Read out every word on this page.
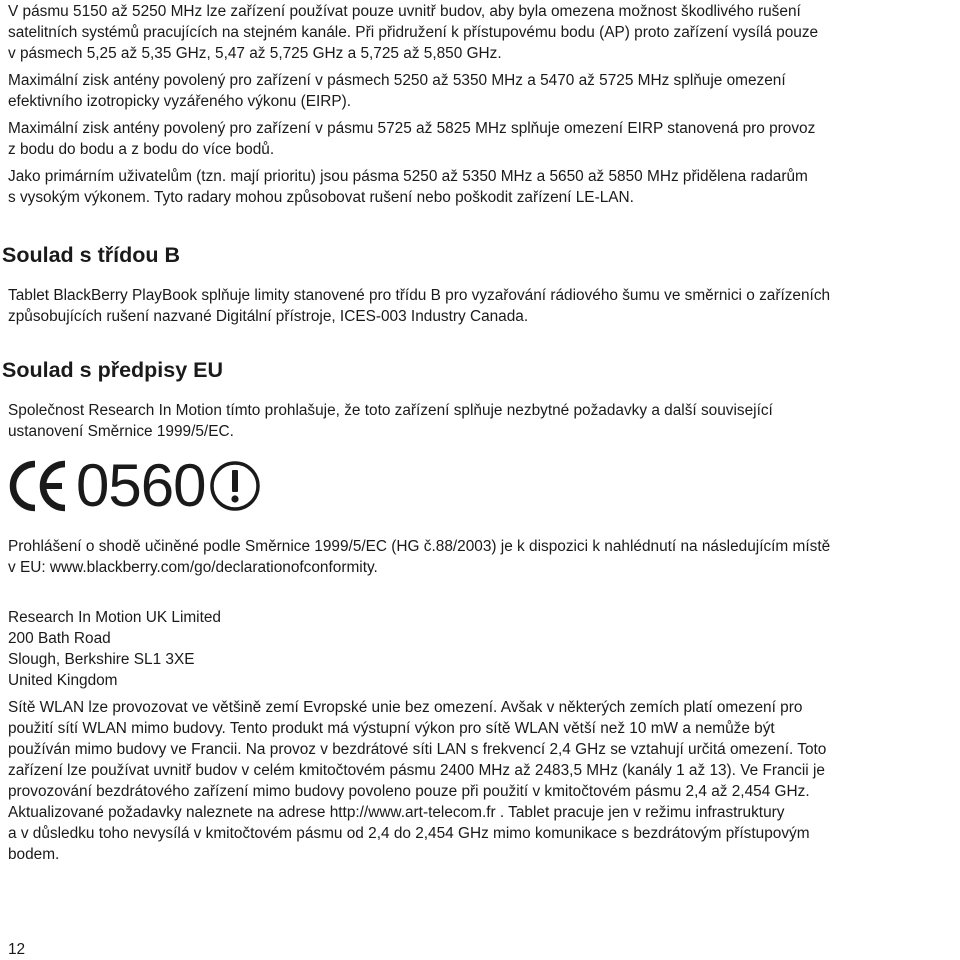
V pásmu 5150 až 5250 MHz lze zařízení používat pouze uvnitř budov, aby byla omezena možnost škodlivého rušení
satelitních systémů pracujících na stejném kanále. Při přidružení k přístupovému bodu (AP) proto zařízení vysílá pouze
v pásmech 5,25 až 5,35 GHz, 5,47 až 5,725 GHz a 5,725 až 5,850 GHz.

Maximální zisk antény povolený pro zařízení v pásmech 5250 až 5350 MHz a 5470 až 5725 MHz splňuje omezení
efektivního izotropicky vyzářeného výkonu (EIRP).

Maximální zisk antény povolený pro zařízení v pásmu 5725 až 5825 MHz splňuje omezení EIRP stanovená pro provoz
z bodu do bodu a z bodu do více bodů.

Jako primárním uživatelům (tzn. mají prioritu) jsou pásma 5250 až 5350 MHz a 5650 až 5850 MHz přidělena radarům
s vysokým výkonem. Tyto radary mohou způsobovat rušení nebo poškodit zařízení LE-LAN.

Soulad s třídou B

Tablet BlackBerry PlayBook splňuje limity stanovené pro třídu B pro vyzařování rádiového šumu ve směrnici o zařízeních
způsobujících rušení nazvané Digitální přístroje, ICES-003 Industry Canada.

Soulad s předpisy EU

Společnost Research In Motion tímto prohlašuje, že toto zařízení splňuje nezbytné požadavky a další související
ustanovení Směrnice 1999/5/EC.

0560

Prohlášení o shodě učiněné podle Směrnice 1999/5/EC (HG č.88/2003) je k dispozici k nahlédnutí na následujícím místě
v EU: www.blackberry.com/go/declarationofconformity.

Research In Motion UK Limited

200 Bath Road

Slough, Berkshire SL1 3XE

United Kingdom

Sítě WLAN lze provozovat ve většině zemí Evropské unie bez omezení. Avšak v některých zemích platí omezení pro
použití sítí WLAN mimo budovy. Tento produkt má výstupní výkon pro sítě WLAN větší než 10 mW a nemůže být
používán mimo budovy ve Francii. Na provoz v bezdrátové síti LAN s frekvencí 2,4 GHz se vztahují určitá omezení. Toto
zařízení lze používat uvnitř budov v celém kmitočtovém pásmu 2400 MHz až 2483,5 MHz (kanály 1 až 13). Ve Francii je
provozování bezdrátového zařízení mimo budovy povoleno pouze při použití v kmitočtovém pásmu 2,4 až 2,454 GHz.
Aktualizované požadavky naleznete na adrese http://www.art-telecom.fr . Tablet pracuje jen v režimu infrastruktury
a v důsledku toho nevysílá v kmitočtovém pásmu od 2,4 do 2,454 GHz mimo komunikace s bezdrátovým přístupovým
bodem.

12
